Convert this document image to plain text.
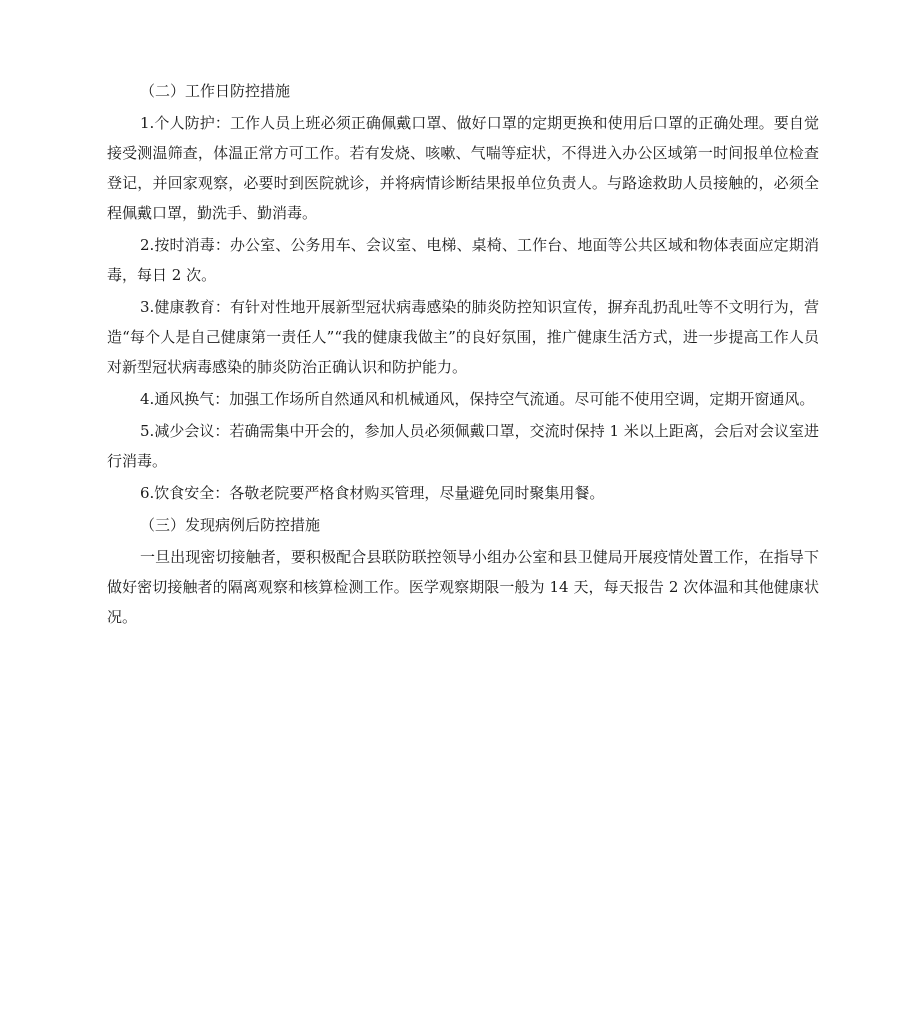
（二）工作日防控措施

1.个人防护：工作人员上班必须正确佩戴口罩、做好口罩的定期更换和使用后口罩的正确处理。要自觉接受测温筛查，体温正常方可工作。若有发烧、咳嗽、气喘等症状，不得进入办公区域第一时间报单位检查登记，并回家观察，必要时到医院就诊，并将病情诊断结果报单位负责人。与路途救助人员接触的，必须全程佩戴口罩，勤洗手、勤消毒。

2.按时消毒：办公室、公务用车、会议室、电梯、桌椅、工作台、地面等公共区域和物体表面应定期消毒，每日 2 次。

3.健康教育：有针对性地开展新型冠状病毒感染的肺炎防控知识宣传，摒弃乱扔乱吐等不文明行为，营造“每个人是自己健康第一责任人”“我的健康我做主”的良好氛围，推广健康生活方式，进一步提高工作人员对新型冠状病毒感染的肺炎防治正确认识和防护能力。

4.通风换气：加强工作场所自然通风和机械通风，保持空气流通。尽可能不使用空调，定期开窗通风。

5.减少会议：若确需集中开会的，参加人员必须佩戴口罩，交流时保持 1 米以上距离，会后对会议室进行消毒。

6.饮食安全：各敬老院要严格食材购买管理，尽量避免同时聚集用餐。

（三）发现病例后防控措施

一旦出现密切接触者，要积极配合县联防联控领导小组办公室和县卫健局开展疫情处置工作，在指导下做好密切接触者的隔离观察和核算检测工作。医学观察期限一般为 14 天，每天报告 2 次体温和其他健康状况。
